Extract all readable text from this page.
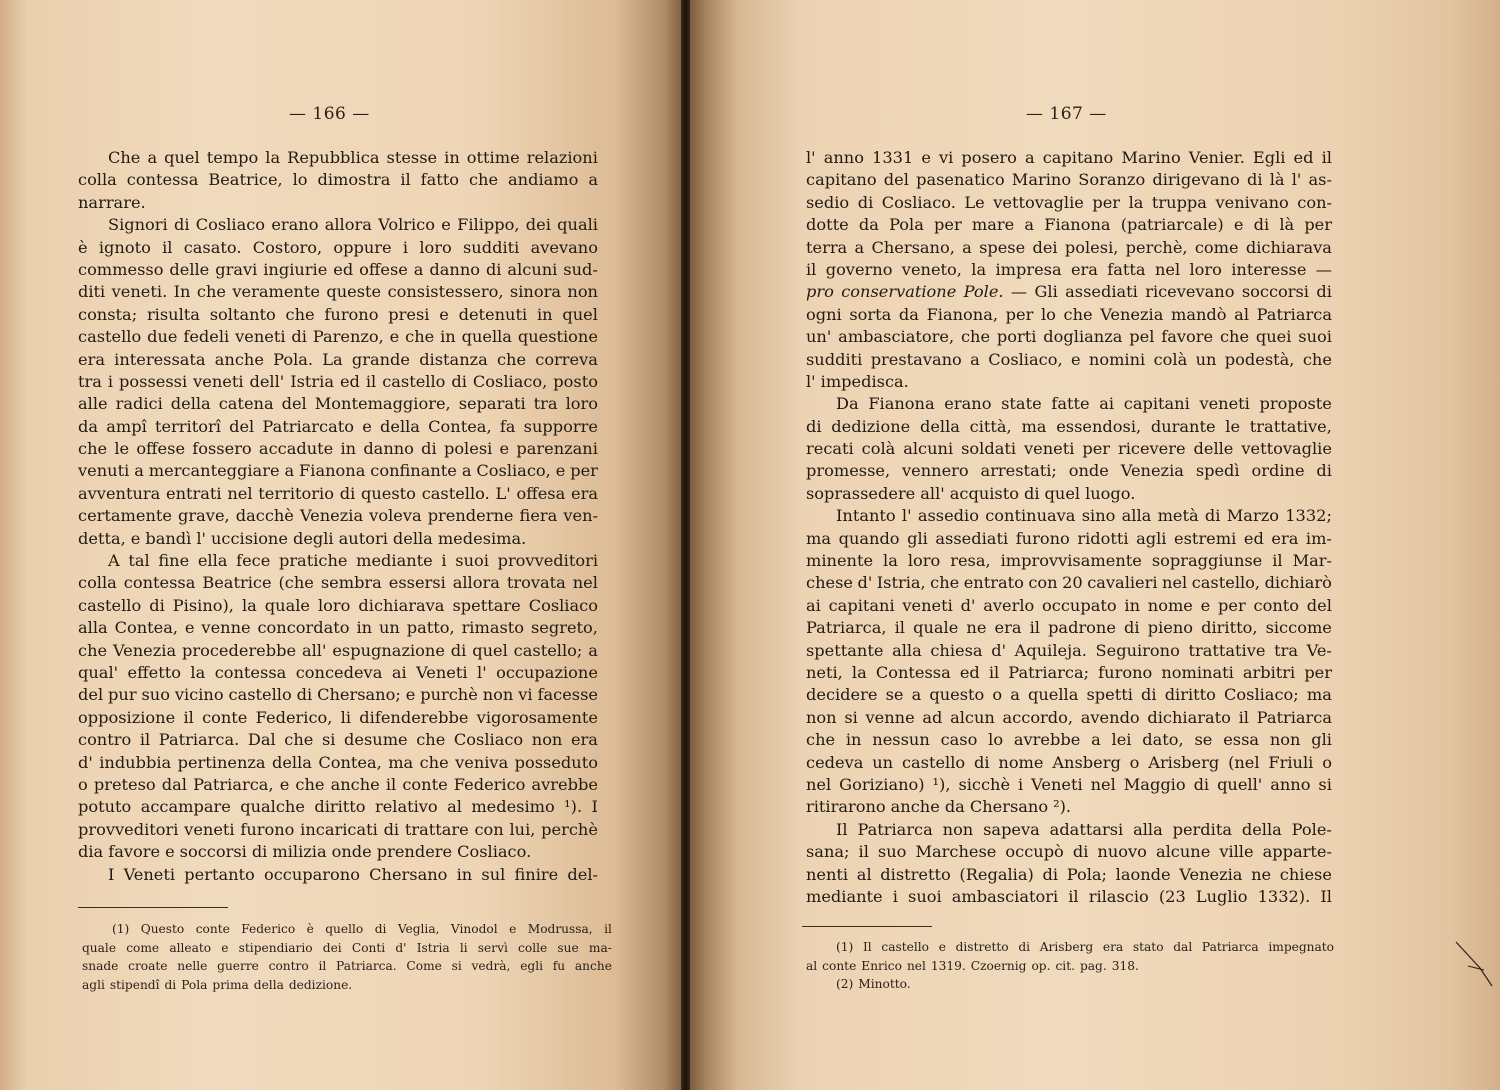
— 166 —
Che a quel tempo la Repubblica stesse in ottime relazioni
colla contessa Beatrice, lo dimostra il fatto che andiamo a
narrare.
Signori di Cosliaco erano allora Volrico e Filippo, dei quali
è ignoto il casato. Costoro, oppure i loro sudditi avevano
commesso delle gravi ingiurie ed offese a danno di alcuni sud-
diti veneti. In che veramente queste consistessero, sinora non
consta; risulta soltanto che furono presi e detenuti in quel
castello due fedeli veneti di Parenzo, e che in quella questione
era interessata anche Pola. La grande distanza che correva
tra i possessi veneti dell' Istria ed il castello di Cosliaco, posto
alle radici della catena del Montemaggiore, separati tra loro
da ampî territorî del Patriarcato e della Contea, fa supporre
che le offese fossero accadute in danno di polesi e parenzani
venuti a mercanteggiare a Fianona confinante a Cosliaco, e per
avventura entrati nel territorio di questo castello. L' offesa era
certamente grave, dacchè Venezia voleva prenderne fiera ven-
detta, e bandì l' uccisione degli autori della medesima.
A tal fine ella fece pratiche mediante i suoi provveditori
colla contessa Beatrice (che sembra essersi allora trovata nel
castello di Pisino), la quale loro dichiarava spettare Cosliaco
alla Contea, e venne concordato in un patto, rimasto segreto,
che Venezia procederebbe all' espugnazione di quel castello; a
qual' effetto la contessa concedeva ai Veneti l' occupazione
del pur suo vicino castello di Chersano; e purchè non vi facesse
opposizione il conte Federico, li difenderebbe vigorosamente
contro il Patriarca. Dal che si desume che Cosliaco non era
d' indubbia pertinenza della Contea, ma che veniva posseduto
o preteso dal Patriarca, e che anche il conte Federico avrebbe
potuto accampare qualche diritto relativo al medesimo ¹). I
provveditori veneti furono incaricati di trattare con lui, perchè
dia favore e soccorsi di milizia onde prendere Cosliaco.
I Veneti pertanto occuparono Chersano in sul finire del-
(1) Questo conte Federico è quello di Veglia, Vinodol e Modrussa, il
quale come alleato e stipendiario dei Conti d' Istria li servì colle sue ma-
snade croate nelle guerre contro il Patriarca. Come si vedrà, egli fu anche
agli stipendî di Pola prima della dedizione.
— 167 —
l' anno 1331 e vi posero a capitano Marino Venier. Egli ed il
capitano del pasenatico Marino Soranzo dirigevano di là l' as-
sedio di Cosliaco. Le vettovaglie per la truppa venivano con-
dotte da Pola per mare a Fianona (patriarcale) e di là per
terra a Chersano, a spese dei polesi, perchè, come dichiarava
il governo veneto, la impresa era fatta nel loro interesse —
pro conservatione Pole. — Gli assediati ricevevano soccorsi di
ogni sorta da Fianona, per lo che Venezia mandò al Patriarca
un' ambasciatore, che porti doglianza pel favore che quei suoi
sudditi prestavano a Cosliaco, e nomini colà un podestà, che
l' impedisca.
Da Fianona erano state fatte ai capitani veneti proposte
di dedizione della città, ma essendosi, durante le trattative,
recati colà alcuni soldati veneti per ricevere delle vettovaglie
promesse, vennero arrestati; onde Venezia spedì ordine di
soprassedere all' acquisto di quel luogo.
Intanto l' assedio continuava sino alla metà di Marzo 1332;
ma quando gli assediati furono ridotti agli estremi ed era im-
minente la loro resa, improvvisamente sopraggiunse il Mar-
chese d' Istria, che entrato con 20 cavalieri nel castello, dichiarò
ai capitani veneti d' averlo occupato in nome e per conto del
Patriarca, il quale ne era il padrone di pieno diritto, siccome
spettante alla chiesa d' Aquileja. Seguirono trattative tra Ve-
neti, la Contessa ed il Patriarca; furono nominati arbitri per
decidere se a questo o a quella spetti di diritto Cosliaco; ma
non si venne ad alcun accordo, avendo dichiarato il Patriarca
che in nessun caso lo avrebbe a lei dato, se essa non gli
cedeva un castello di nome Ansberg o Arisberg (nel Friuli o
nel Goriziano) ¹), sicchè i Veneti nel Maggio di quell' anno si
ritirarono anche da Chersano ²).
Il Patriarca non sapeva adattarsi alla perdita della Pole-
sana; il suo Marchese occupò di nuovo alcune ville apparte-
nenti al distretto (Regalia) di Pola; laonde Venezia ne chiese
mediante i suoi ambasciatori il rilascio (23 Luglio 1332). Il
(1) Il castello e distretto di Arisberg era stato dal Patriarca impegnato
al conte Enrico nel 1319. Czoernig op. cit. pag. 318.
(2) Minotto.
